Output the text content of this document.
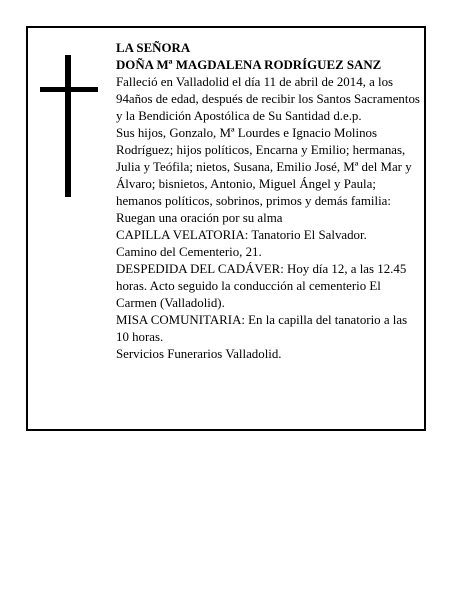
LA SEÑORA

DOÑA Mª MAGDALENA RODRÍGUEZ SANZ

Falleció en Valladolid el día 11 de abril de 2014, a los 94años de edad, después de recibir los Santos Sacramentos y la Bendición Apostólica de Su Santidad d.e.p.

Sus hijos, Gonzalo, Mª Lourdes e Ignacio Molinos Rodríguez; hijos políticos, Encarna y Emilio; hermanas, Julia y Teófila; nietos, Susana, Emilio José, Mª del Mar y Álvaro; bisnietos, Antonio, Miguel Ángel y Paula; hemanos políticos, sobrinos, primos y demás familia:

Ruegan una oración por su alma

CAPILLA VELATORIA: Tanatorio El Salvador.

Camino del Cementerio, 21.

DESPEDIDA DEL CADÁVER: Hoy día 12, a las 12.45 horas. Acto seguido la conducción al cementerio El Carmen (Valladolid).

MISA COMUNITARIA: En la capilla del tanatorio a las 10 horas.

Servicios Funerarios Valladolid.
